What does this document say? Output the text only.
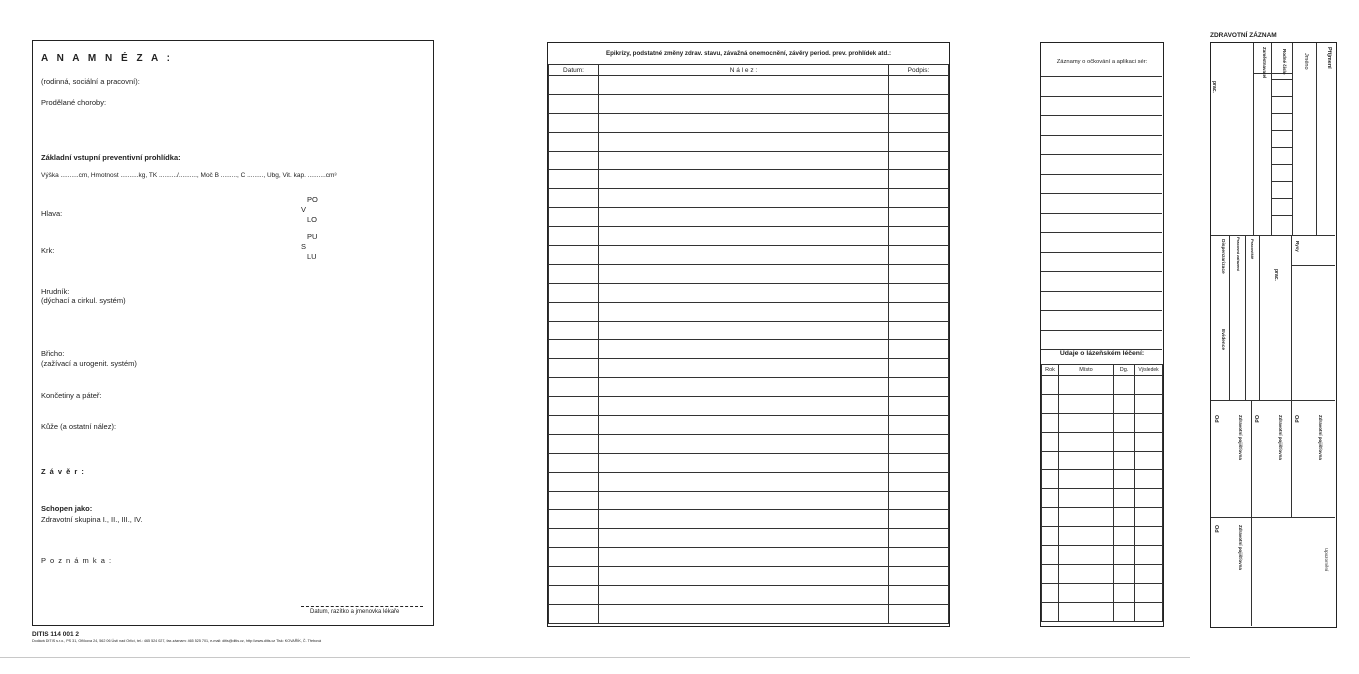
A N A M N É Z A :
(rodinná, sociální a pracovní):
Prodělané choroby:
Základní vstupní preventivní prohlídka:
Výška ..........cm, Hmotnost ..........kg, TK ........../.........., Moč B ........., C ........., Ubg, Vit. kap. ..........cm³
PO
V
LO
Hlava:
PU
S
LU
Krk:
Hrudník:
(dýchací a cirkul. systém)
Břicho:
(zažívací a urogenit. systém)
Končetiny a páteř:
Kůže (a ostatní nález):
Z á v ě r :
Schopen jako:
Zdravotní skupina I., II., III., IV.
P o z n á m k a :
Datum, razítko a jmenovka lékaře
DITIS 114 001 2
Dodává DITIS s.r.o., PS 31, Ořlíkova 24, 562 06 Ústí nad Orlicí, tel.: 465 524 027, fax-záznam: 465 525 701, e-mail: ditis@ditis.cz, http://www.ditis.cz Tisk: KOVAŘÍK, Č. Třebová
Epikrízy, podstatné změny zdrav. stavu, závažná onemocnění, závěry period. prev. prohlídek atd.:
Datum:	N á l e z :	Podpis:

Záznamy o očkování a aplikaci sér:
Údaje o lázeňském léčení:
Rok	Místo	Dg.	Výsledek

ZDRAVOTNÍ ZÁZNAM
Příjmení
Jméno
Rodné číslo
Zaměstnavatel
prac.
Dispenzarizace	Pracovní zařazení Pracoviště	Rysy
prac.
Evidence
Od	Zdravotní pojišťovna Od	Zdravotní pojišťovna Od	Zdravotní pojišťovna
Od	Zdravotní pojišťovna	Upozornění
